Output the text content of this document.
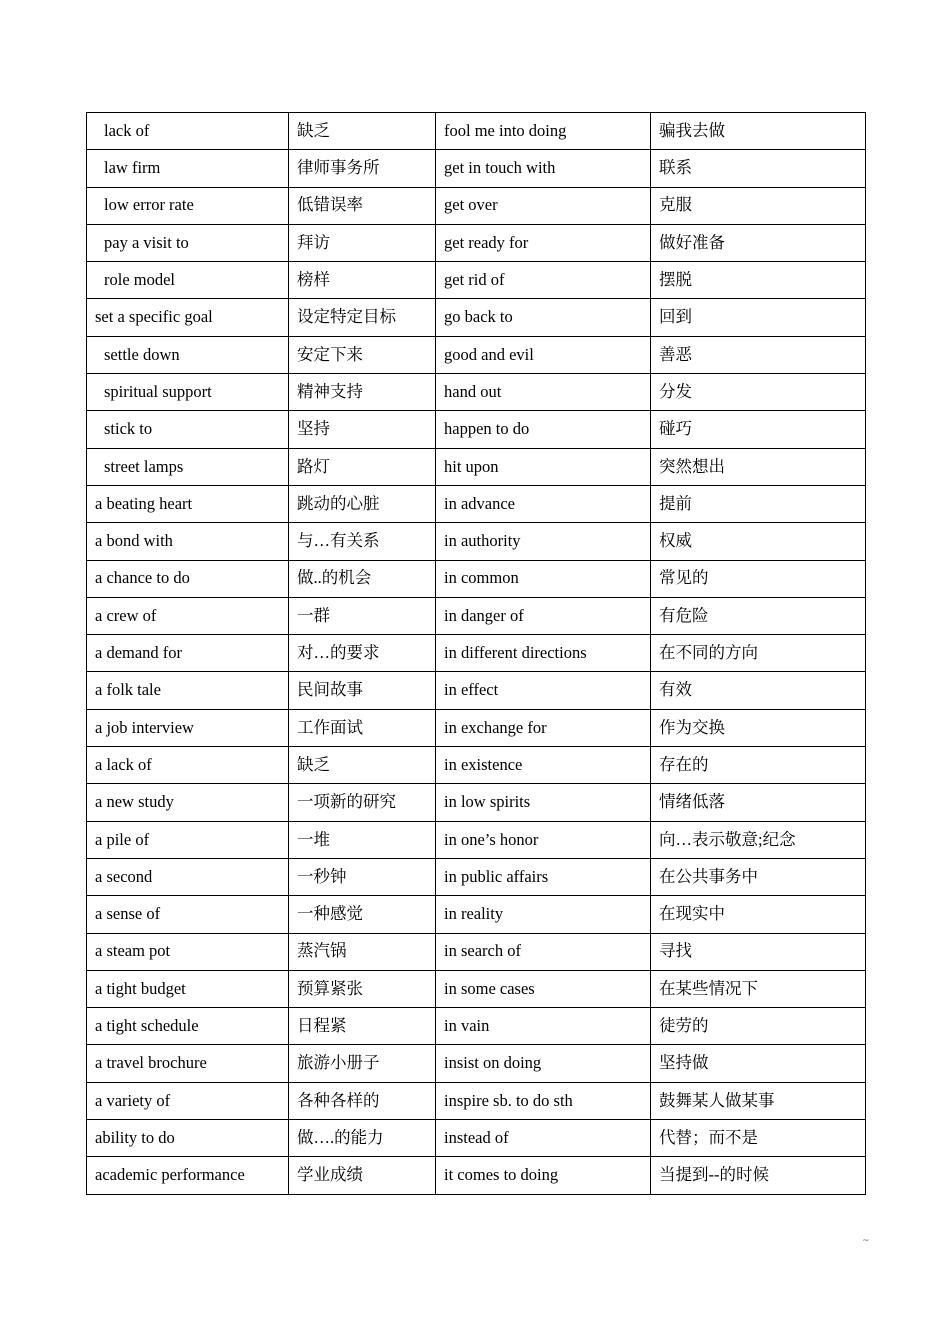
lack of	缺乏	fool me into doing	骗我去做
law firm	律师事务所	get in touch with	联系
low error rate	低错误率	get over	克服
pay a visit to	拜访	get ready for	做好准备
role model	榜样	get rid of	摆脱
set a specific goal	设定特定目标	go back to	回到
settle down	安定下来	good and evil	善恶
spiritual support	精神支持	hand out	分发
stick to	坚持	happen to do	碰巧
street lamps	路灯	hit upon	突然想出
a beating heart	跳动的心脏	in advance	提前
a bond with	与…有关系	in authority	权威
a chance to do	做..的机会	in common	常见的
a crew of	一群	in danger of	有危险
a demand for	对…的要求	in different directions	在不同的方向
a folk tale	民间故事	in effect	有效
a job interview	工作面试	in exchange for	作为交换
a lack of	缺乏	in existence	存在的
a new study	一项新的研究	in low spirits	情绪低落
a pile of	一堆	in one’s honor	向…表示敬意;纪念
a second	一秒钟	in public affairs	在公共事务中
a sense of	一种感觉	in reality	在现实中
a steam pot	蒸汽锅	in search of	寻找
a tight budget	预算紧张	in some cases	在某些情况下
a tight schedule	日程紧	in vain	徒劳的
a travel brochure	旅游小册子	insist on doing	坚持做
a variety of	各种各样的	inspire sb. to do sth	鼓舞某人做某事
ability to do	做….的能力	instead of	代替；而不是
academic performance	学业成绩	it comes to doing	当提到--的时候
~
